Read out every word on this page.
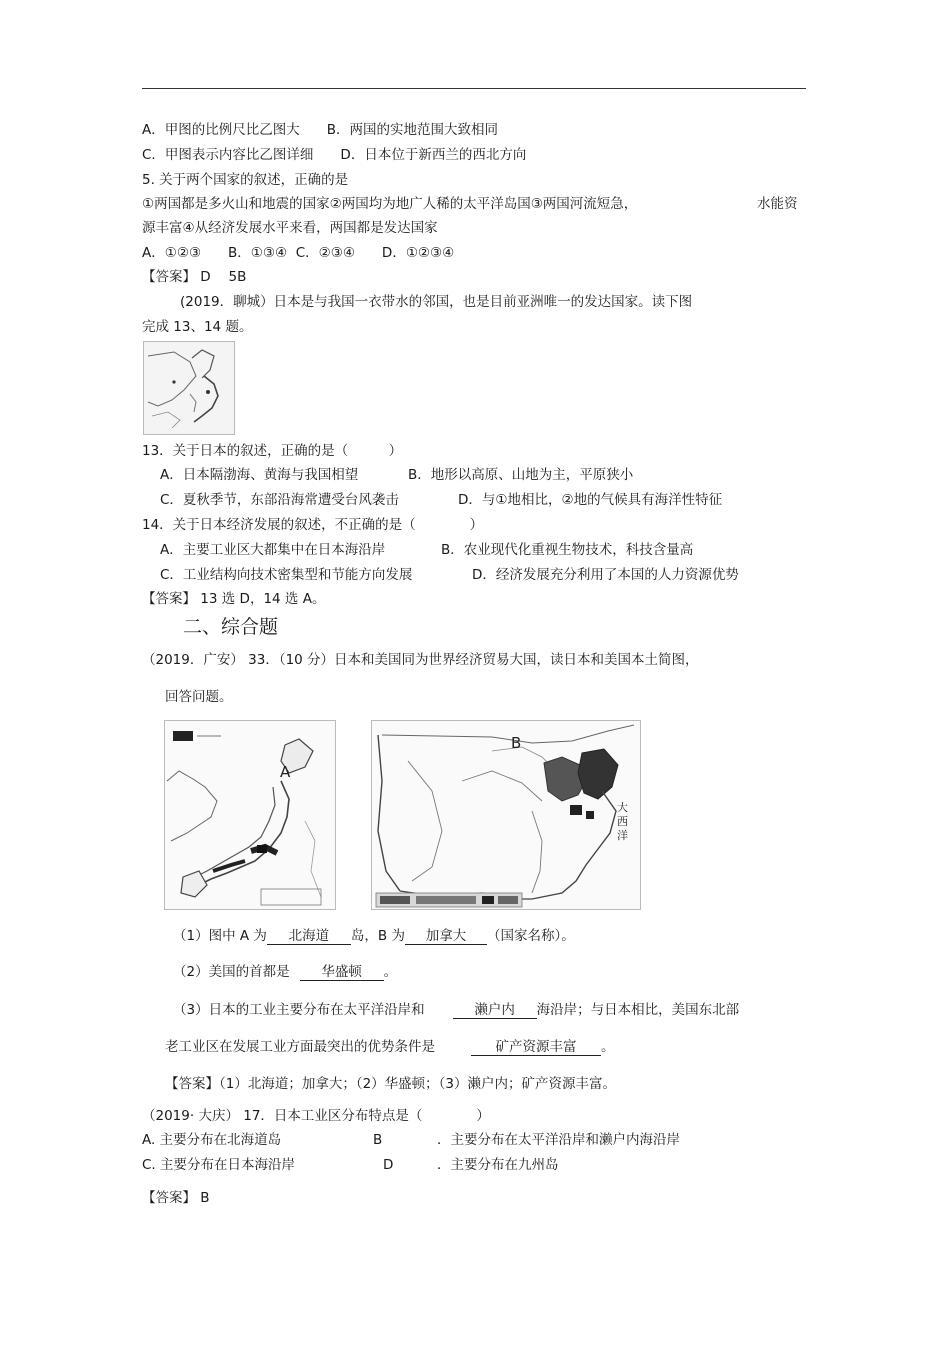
A．甲图的比例尺比乙图大　　B．两国的实地范围大致相同
C．甲图表示内容比乙图详细　　D．日本位于新西兰的西北方向
5. 关于两个国家的叙述，正确的是
①两国都是多火山和地震的国家②两国均为地广人稀的太平洋岛国③两国河流短急，	水能资
源丰富④从经济发展水平来看，两国都是发达国家
A．①②③　　B．①③④  C．②③④　　D．①②③④
【答案】 D　 5B
(2019．聊城）日本是与我国一衣带水的邻国，也是目前亚洲唯一的发达国家。读下图
完成 13、14 题。
13．关于日本的叙述，正确的是（　　　）
A．日本隔渤海、黄海与我国相望	B．地形以高原、山地为主，平原狭小
C．夏秋季节，东部沿海常遭受台风袭击	D．与①地相比，②地的气候具有海洋性特征
14．关于日本经济发展的叙述，不正确的是（　　　　）
A．主要工业区大都集中在日本海沿岸	B．农业现代化重视生物技术，科技含量高
C．工业结构向技术密集型和节能方向发展	D．经济发展充分利用了本国的人力资源优势
【答案】 13 选 D，14 选 A。
二、综合题
（2019．广安） 33．（10 分）日本和美国同为世界经济贸易大国，读日本和美国本土简图，
回答问题。
A
B
大西洋
（1）图中 A 为 北海道 岛，B 为 加拿大 （国家名称）。
（2）美国的首都是 华盛顿 。
（3）日本的工业主要分布在太平洋沿岸和	濑户内 海沿岸；与日本相比，美国东北部
老工业区在发展工业方面最突出的优势条件是	矿产资源丰富 。
【答案】（1）北海道；加拿大；（2）华盛顿；（3）濑户内；矿产资源丰富。
（2019· 大庆） 17．日本工业区分布特点是（　　　　）
A. 主要分布在北海道岛	B	．主要分布在太平洋沿岸和濑户内海沿岸
C. 主要分布在日本海沿岸	D	．主要分布在九州岛
【答案】 B
